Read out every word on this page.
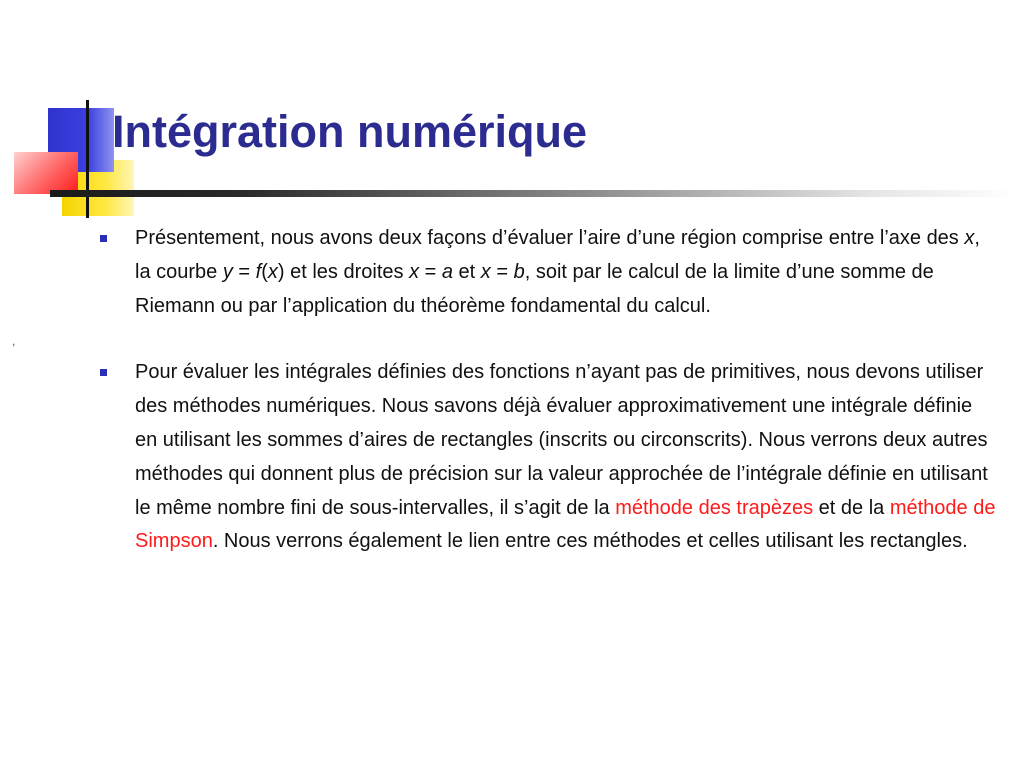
Intégration numérique
,
Présentement, nous avons deux façons d’évaluer l’aire d’une région comprise entre l’axe des x, la courbe y = f(x) et les droites x = a et x = b, soit par le calcul de la limite d’une somme de Riemann ou par l’application du théorème fondamental du calcul.
Pour évaluer les intégrales définies des fonctions n’ayant pas de primitives, nous devons utiliser des méthodes numériques. Nous savons déjà évaluer approximativement une intégrale définie en utilisant les sommes d’aires de rectangles (inscrits ou circonscrits). Nous verrons deux autres méthodes qui donnent plus de précision sur la valeur approchée de l’intégrale définie en utilisant le même nombre fini de sous-intervalles, il s’agit de la méthode des trapèzes et de la méthode de Simpson. Nous verrons également le lien entre ces méthodes et celles utilisant les rectangles.
